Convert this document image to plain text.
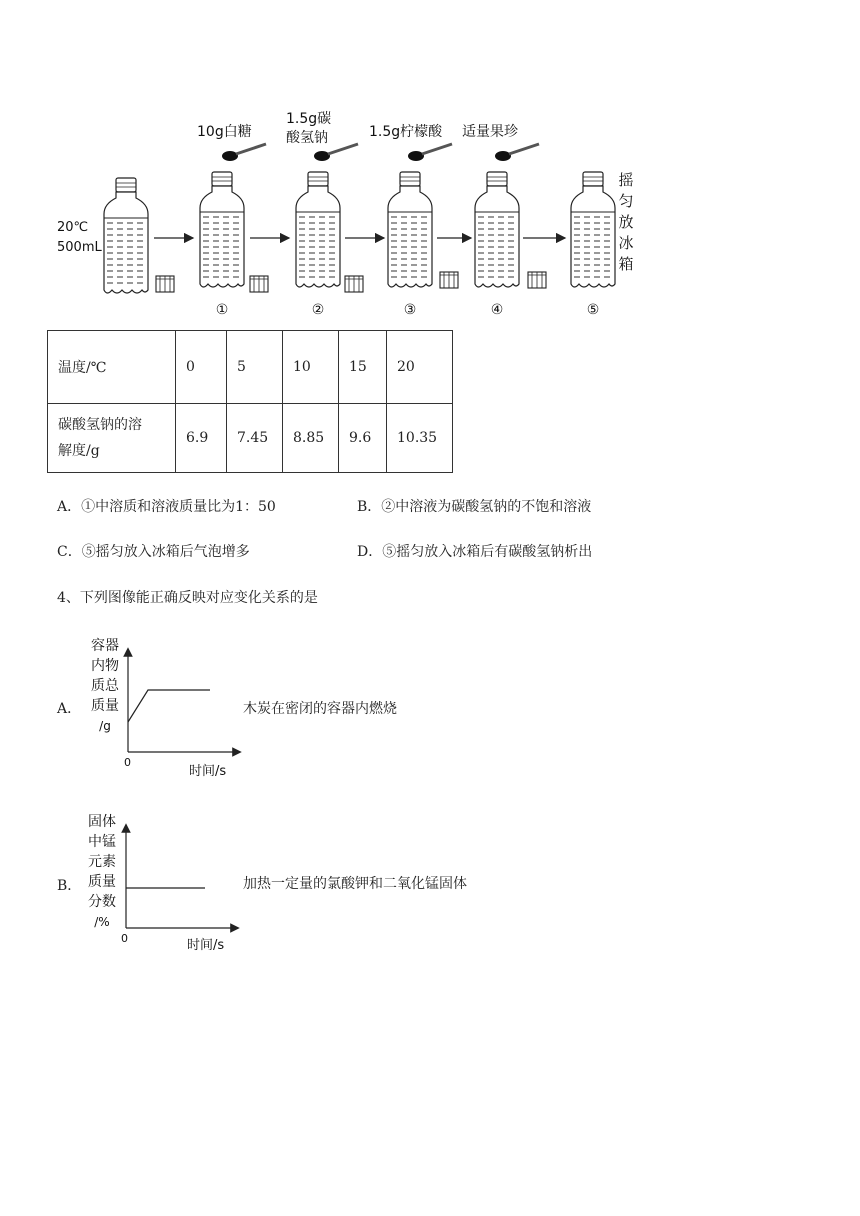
20℃
500mL
10g白糖
1.5g碳
酸氢钠	1.5g柠檬酸 适量果珍
①	②	③	④	⑤
摇
匀
放
冰
箱
温度/℃	0	5	10	15	20
碳酸氢钠的溶
解度/g	6.9	7.45	8.85	9.6	10.35
A．①中溶质和溶液质量比为1：50	B．②中溶液为碳酸氢钠的不饱和溶液
C．⑤摇匀放入冰箱后气泡增多	D．⑤摇匀放入冰箱后有碳酸氢钠析出
4、下列图像能正确反映对应变化关系的是
A．
容器
内物
质总
质量
/g
0
时间/s
木炭在密闭的容器内燃烧
B．
固体
中锰
元素
质量
分数
/%
0	时间/s
加热一定量的氯酸钾和二氧化锰固体
